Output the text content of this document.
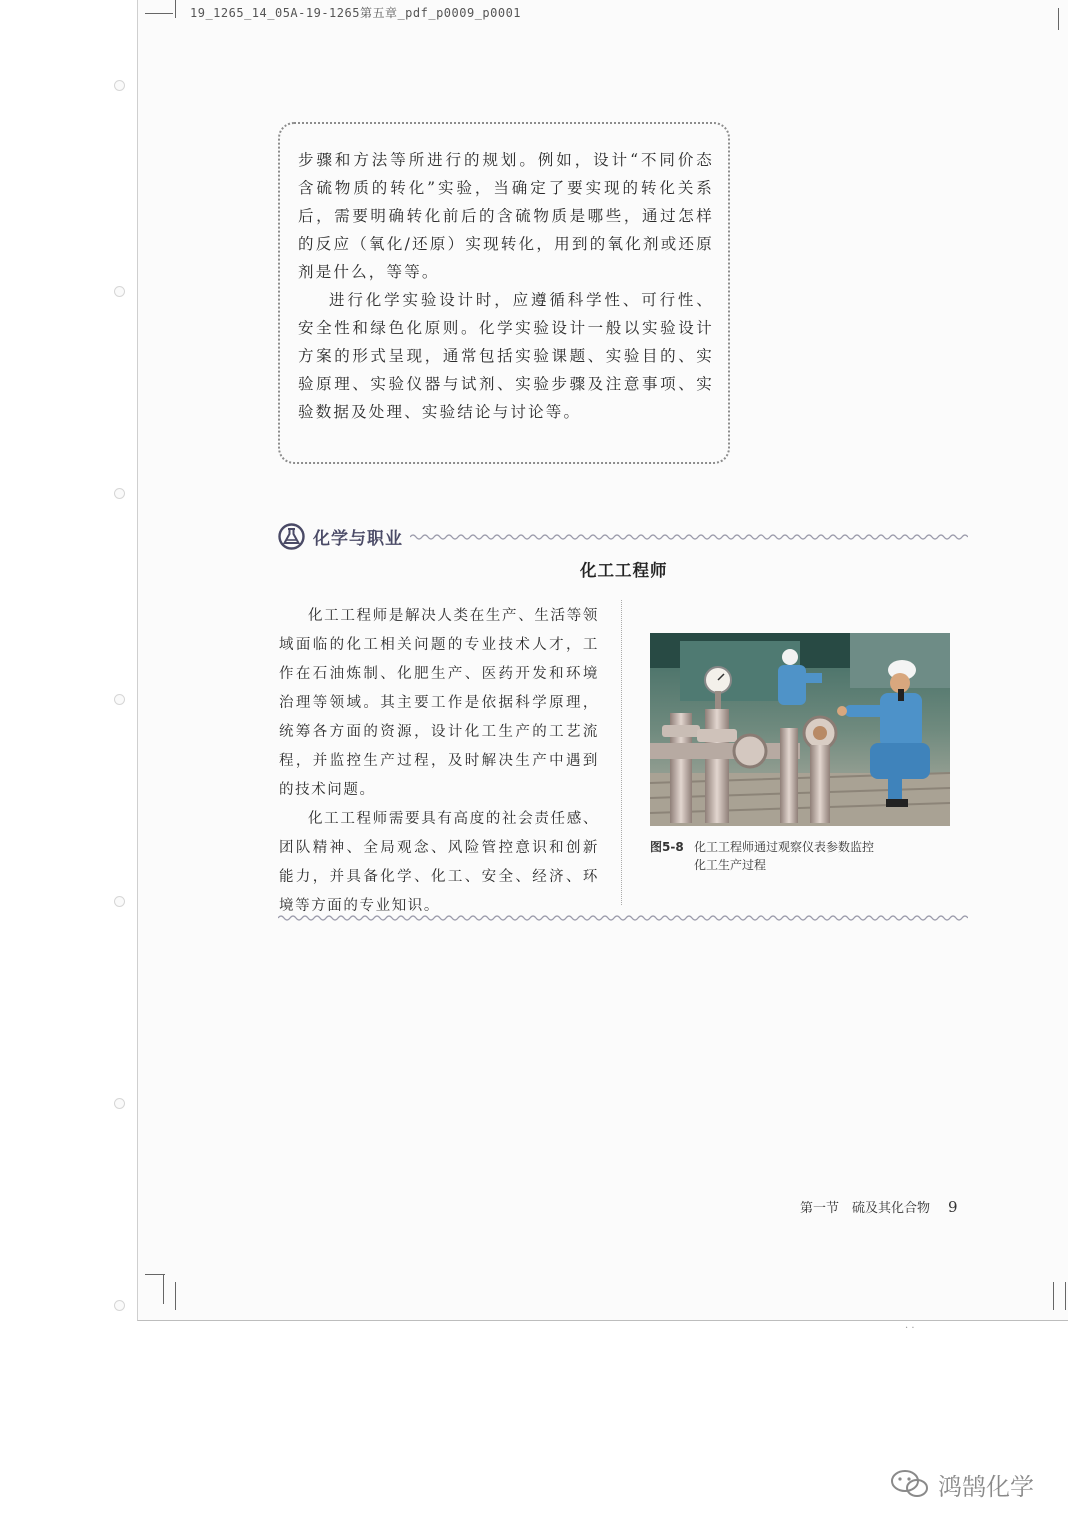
19_1265_14_05A-19-1265第五章_pdf_p0009_p0001

步骤和方法等所进行的规划。例如，设计“不同价态含硫物质的转化”实验，当确定了要实现的转化关系后，需要明确转化前后的含硫物质是哪些，通过怎样的反应（氧化/还原）实现转化，用到的氧化剂或还原剂是什么，等等。

进行化学实验设计时，应遵循科学性、可行性、安全性和绿色化原则。化学实验设计一般以实验设计方案的形式呈现，通常包括实验课题、实验目的、实验原理、实验仪器与试剂、实验步骤及注意事项、实验数据及处理、实验结论与讨论等。

化学与职业
化工工程师

化工工程师是解决人类在生产、生活等领域面临的化工相关问题的专业技术人才，工作在石油炼制、化肥生产、医药开发和环境治理等领域。其主要工作是依据科学原理，统筹各方面的资源，设计化工生产的工艺流程，并监控生产过程，及时解决生产中遇到的技术问题。

化工工程师需要具有高度的社会责任感、团队精神、全局观念、风险管控意识和创新能力，并具备化学、化工、安全、经济、环境等方面的专业知识。

图5-8 化工工程师通过观察仪表参数监控
化工生产过程
第一节　硫及其化合物 9
· ·
鸿鹄化学
